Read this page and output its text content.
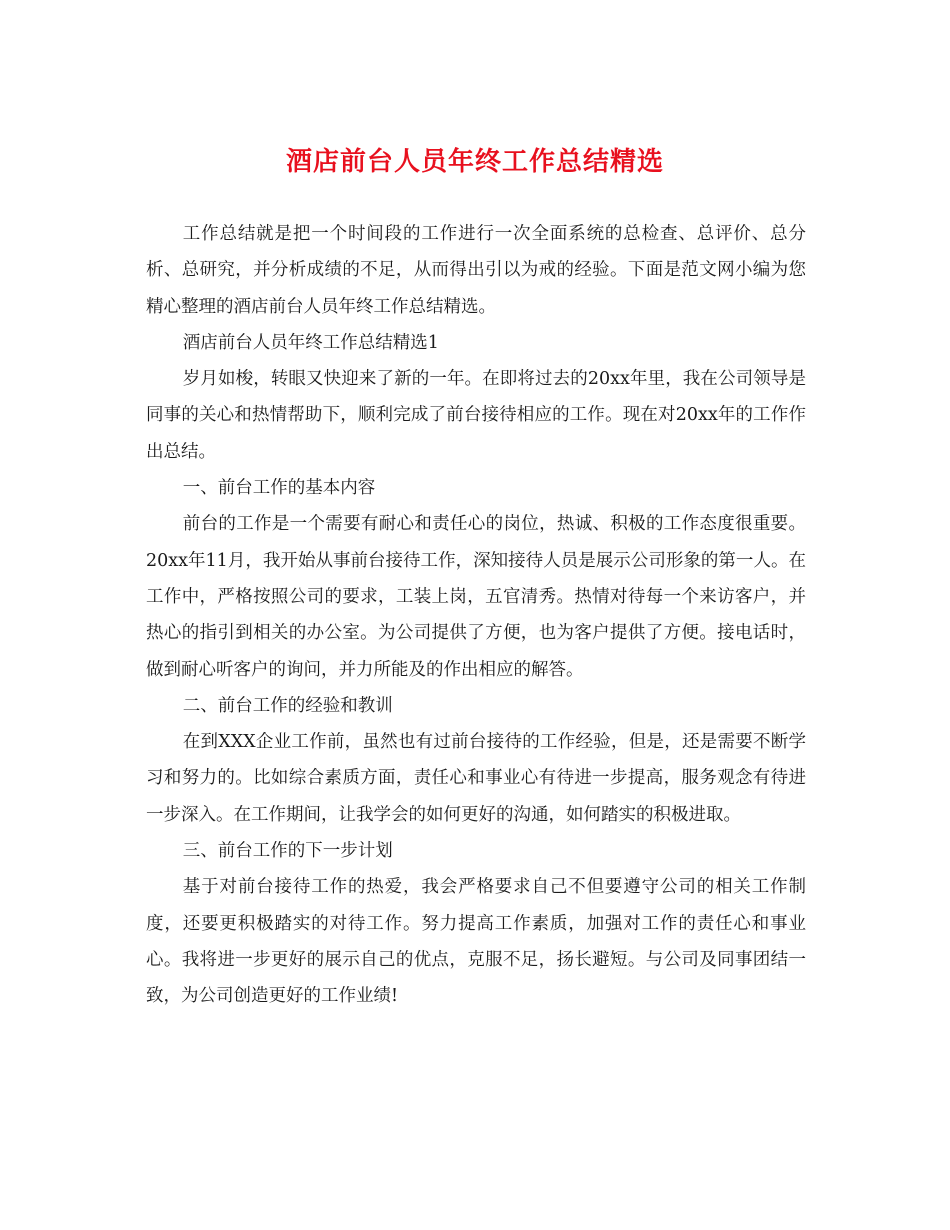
酒店前台人员年终工作总结精选

工作总结就是把一个时间段的工作进行一次全面系统的总检查、总评价、总分析、总研究，并分析成绩的不足，从而得出引以为戒的经验。下面是范文网小编为您精心整理的酒店前台人员年终工作总结精选。

酒店前台人员年终工作总结精选1

岁月如梭，转眼又快迎来了新的一年。在即将过去的20xx年里，我在公司领导是同事的关心和热情帮助下，顺利完成了前台接待相应的工作。现在对20xx年的工作作出总结。

一、前台工作的基本内容

前台的工作是一个需要有耐心和责任心的岗位，热诚、积极的工作态度很重要。20xx年11月，我开始从事前台接待工作，深知接待人员是展示公司形象的第一人。在工作中，严格按照公司的要求，工装上岗，五官清秀。热情对待每一个来访客户，并热心的指引到相关的办公室。为公司提供了方便，也为客户提供了方便。接电话时，做到耐心听客户的询问，并力所能及的作出相应的解答。

二、前台工作的经验和教训

在到XXX企业工作前，虽然也有过前台接待的工作经验，但是，还是需要不断学习和努力的。比如综合素质方面，责任心和事业心有待进一步提高，服务观念有待进一步深入。在工作期间，让我学会的如何更好的沟通，如何踏实的积极进取。

三、前台工作的下一步计划

基于对前台接待工作的热爱，我会严格要求自己不但要遵守公司的相关工作制度，还要更积极踏实的对待工作。努力提高工作素质，加强对工作的责任心和事业心。我将进一步更好的展示自己的优点，克服不足，扬长避短。与公司及同事团结一致，为公司创造更好的工作业绩!
